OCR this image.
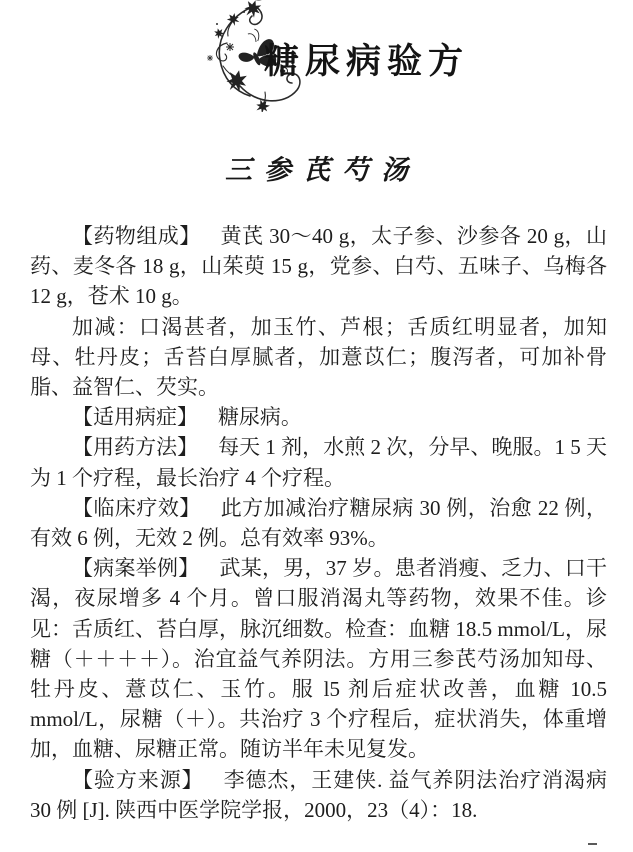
糖尿病验方
三参芪芍汤

【药物组成】 黄芪 30～40 g，太子参、沙参各 20 g，山药、麦冬各 18 g，山茱萸 15 g，党参、白芍、五味子、乌梅各 12 g，苍术 10 g。

加减：口渴甚者，加玉竹、芦根；舌质红明显者，加知母、牡丹皮；舌苔白厚腻者，加薏苡仁；腹泻者，可加补骨脂、益智仁、芡实。

【适用病症】 糖尿病。

【用药方法】 每天 1 剂，水煎 2 次，分早、晚服。1 5 天为 1 个疗程，最长治疗 4 个疗程。

【临床疗效】 此方加减治疗糖尿病 30 例，治愈 22 例，有效 6 例，无效 2 例。总有效率 93%。

【病案举例】 武某，男，37 岁。患者消瘦、乏力、口干渴，夜尿增多 4 个月。曾口服消渴丸等药物，效果不佳。诊见：舌质红、苔白厚，脉沉细数。检查：血糖 18.5 mmol/L，尿糖（＋＋＋＋）。治宜益气养阴法。方用三参芪芍汤加知母、牡丹皮、薏苡仁、玉竹。服 l5 剂后症状改善，血糖 10.5 mmol/L，尿糖（＋）。共治疗 3 个疗程后，症状消失，体重增加，血糖、尿糖正常。随访半年未见复发。

【验方来源】 李德杰，王建侠. 益气养阴法治疗消渴病 30 例 [J]. 陕西中医学院学报，2000，23（4）：18.
